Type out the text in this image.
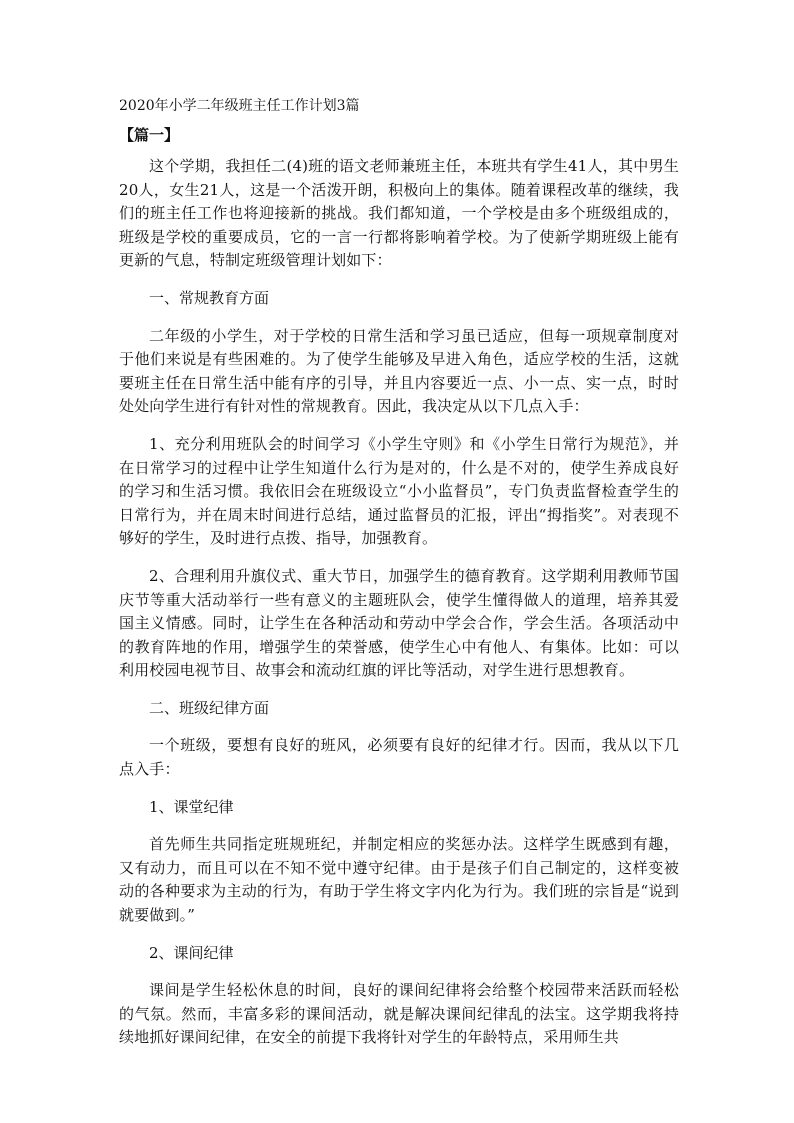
2020年小学二年级班主任工作计划3篇
【篇一】

这个学期，我担任二(4)班的语文老师兼班主任，本班共有学生41人，其中男生20人，女生21人，这是一个活泼开朗，积极向上的集体。随着课程改革的继续，我们的班主任工作也将迎接新的挑战。我们都知道，一个学校是由多个班级组成的，班级是学校的重要成员，它的一言一行都将影响着学校。为了使新学期班级上能有更新的气息，特制定班级管理计划如下：

一、常规教育方面

二年级的小学生，对于学校的日常生活和学习虽已适应，但每一项规章制度对于他们来说是有些困难的。为了使学生能够及早进入角色，适应学校的生活，这就要班主任在日常生活中能有序的引导，并且内容要近一点、小一点、实一点，时时处处向学生进行有针对性的常规教育。因此，我决定从以下几点入手：

1、充分利用班队会的时间学习《小学生守则》和《小学生日常行为规范》，并在日常学习的过程中让学生知道什么行为是对的，什么是不对的，使学生养成良好的学习和生活习惯。我依旧会在班级设立“小小监督员”，专门负责监督检查学生的日常行为，并在周末时间进行总结，通过监督员的汇报，评出“拇指奖”。对表现不够好的学生，及时进行点拨、指导，加强教育。

2、合理利用升旗仪式、重大节日，加强学生的德育教育。这学期利用教师节国庆节等重大活动举行一些有意义的主题班队会，使学生懂得做人的道理，培养其爱国主义情感。同时，让学生在各种活动和劳动中学会合作，学会生活。各项活动中的教育阵地的作用，增强学生的荣誉感，使学生心中有他人、有集体。比如：可以利用校园电视节目、故事会和流动红旗的评比等活动，对学生进行思想教育。

二、班级纪律方面

一个班级，要想有良好的班风，必须要有良好的纪律才行。因而，我从以下几点入手：

1、课堂纪律

首先师生共同指定班规班纪，并制定相应的奖惩办法。这样学生既感到有趣，又有动力，而且可以在不知不觉中遵守纪律。由于是孩子们自己制定的，这样变被动的各种要求为主动的行为，有助于学生将文字内化为行为。我们班的宗旨是“说到就要做到。”

2、课间纪律

课间是学生轻松休息的时间，良好的课间纪律将会给整个校园带来活跃而轻松的气氛。然而，丰富多彩的课间活动，就是解决课间纪律乱的法宝。这学期我将持续地抓好课间纪律，在安全的前提下我将针对学生的年龄特点，采用师生共
